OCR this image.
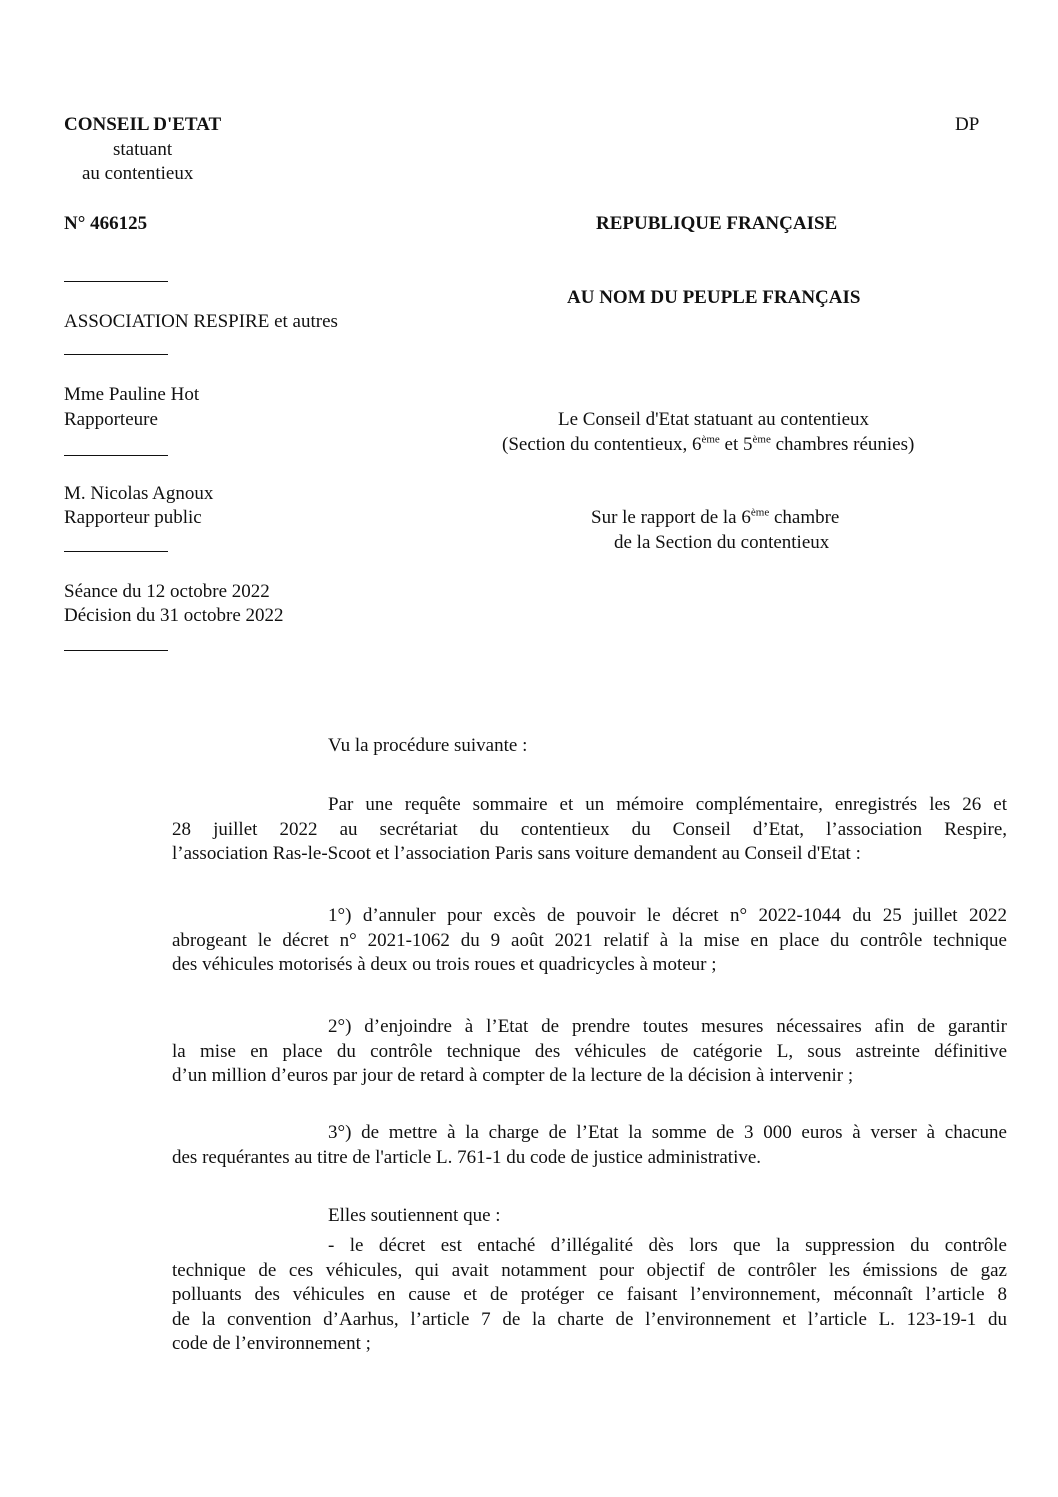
CONSEIL D'ETAT
statuant
au contentieux
DP
N° 466125	REPUBLIQUE FRANÇAISE
AU NOM DU PEUPLE FRANÇAIS
ASSOCIATION RESPIRE et autres
Mme Pauline Hot
Rapporteure	Le Conseil d'Etat statuant au contentieux
(Section du contentieux, 6ème et 5ème chambres réunies)
M. Nicolas Agnoux
Rapporteur public	Sur le rapport de la 6ème chambre
de la Section du contentieux
Séance du 12 octobre 2022
Décision du 31 octobre 2022
Vu la procédure suivante :
Par une requête sommaire et un mémoire complémentaire, enregistrés les 26 et
28 juillet 2022 au secrétariat du contentieux du Conseil d’Etat, l’association Respire,
l’association Ras-le-Scoot et l’association Paris sans voiture demandent au Conseil d'Etat :
1°) d’annuler pour excès de pouvoir le décret n° 2022-1044 du 25 juillet 2022
abrogeant le décret n° 2021-1062 du 9 août 2021 relatif à la mise en place du contrôle technique
des véhicules motorisés à deux ou trois roues et quadricycles à moteur ;
2°) d’enjoindre à l’Etat de prendre toutes mesures nécessaires afin de garantir
la mise en place du contrôle technique des véhicules de catégorie L, sous astreinte définitive
d’un million d’euros par jour de retard à compter de la lecture de la décision à intervenir ;
3°) de mettre à la charge de l’Etat la somme de 3 000 euros à verser à chacune
des requérantes au titre de l'article L. 761-1 du code de justice administrative.
Elles soutiennent que :
- le décret est entaché d’illégalité dès lors que la suppression du contrôle
technique de ces véhicules, qui avait notamment pour objectif de contrôler les émissions de gaz
polluants des véhicules en cause et de protéger ce faisant l’environnement, méconnaît l’article 8
de la convention d’Aarhus, l’article 7 de la charte de l’environnement et l’article L. 123-19-1 du
code de l’environnement ;
